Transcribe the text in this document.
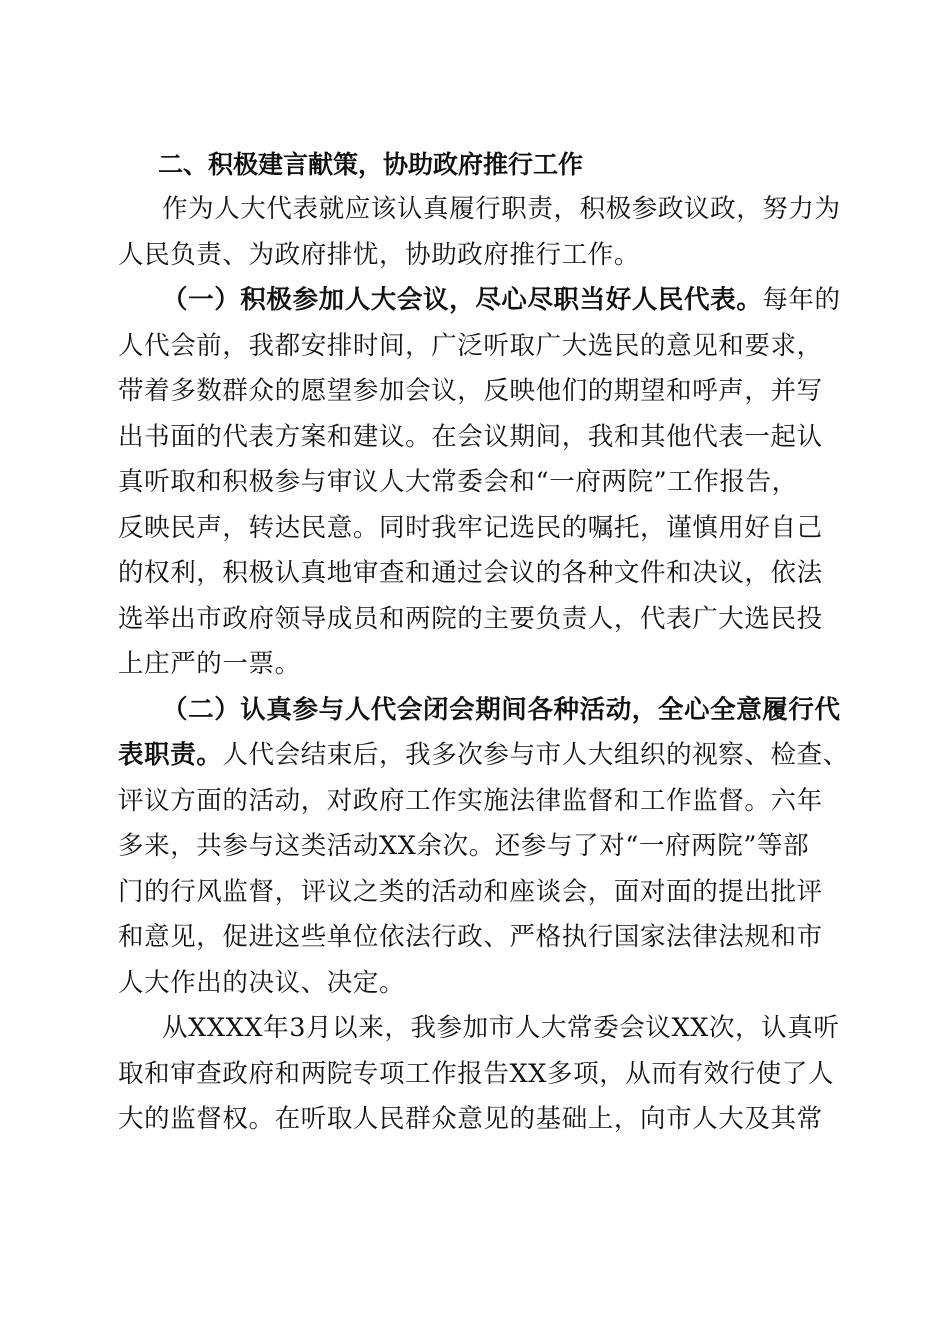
二、积极建言献策，协助政府推行工作

作为人大代表就应该认真履行职责，积极参政议政，努力为

人民负责、为政府排忧，协助政府推行工作。

（一）积极参加人大会议，尽心尽职当好人民代表。每年的

人代会前，我都安排时间，广泛听取广大选民的意见和要求，

带着多数群众的愿望参加会议，反映他们的期望和呼声，并写

出书面的代表方案和建议。在会议期间，我和其他代表一起认

真听取和积极参与审议人大常委会和“一府两院”工作报告，

反映民声，转达民意。同时我牢记选民的嘱托，谨慎用好自己

的权利，积极认真地审查和通过会议的各种文件和决议，依法

选举出市政府领导成员和两院的主要负责人，代表广大选民投

上庄严的一票。

（二）认真参与人代会闭会期间各种活动，全心全意履行代

表职责。人代会结束后，我多次参与市人大组织的视察、检查、

评议方面的活动，对政府工作实施法律监督和工作监督。六年

多来，共参与这类活动XX余次。还参与了对“一府两院”等部

门的行风监督，评议之类的活动和座谈会，面对面的提出批评

和意见，促进这些单位依法行政、严格执行国家法律法规和市

人大作出的决议、决定。

从XXXX年3月以来，我参加市人大常委会议XX次，认真听

取和审查政府和两院专项工作报告XX多项，从而有效行使了人

大的监督权。在听取人民群众意见的基础上，向市人大及其常
